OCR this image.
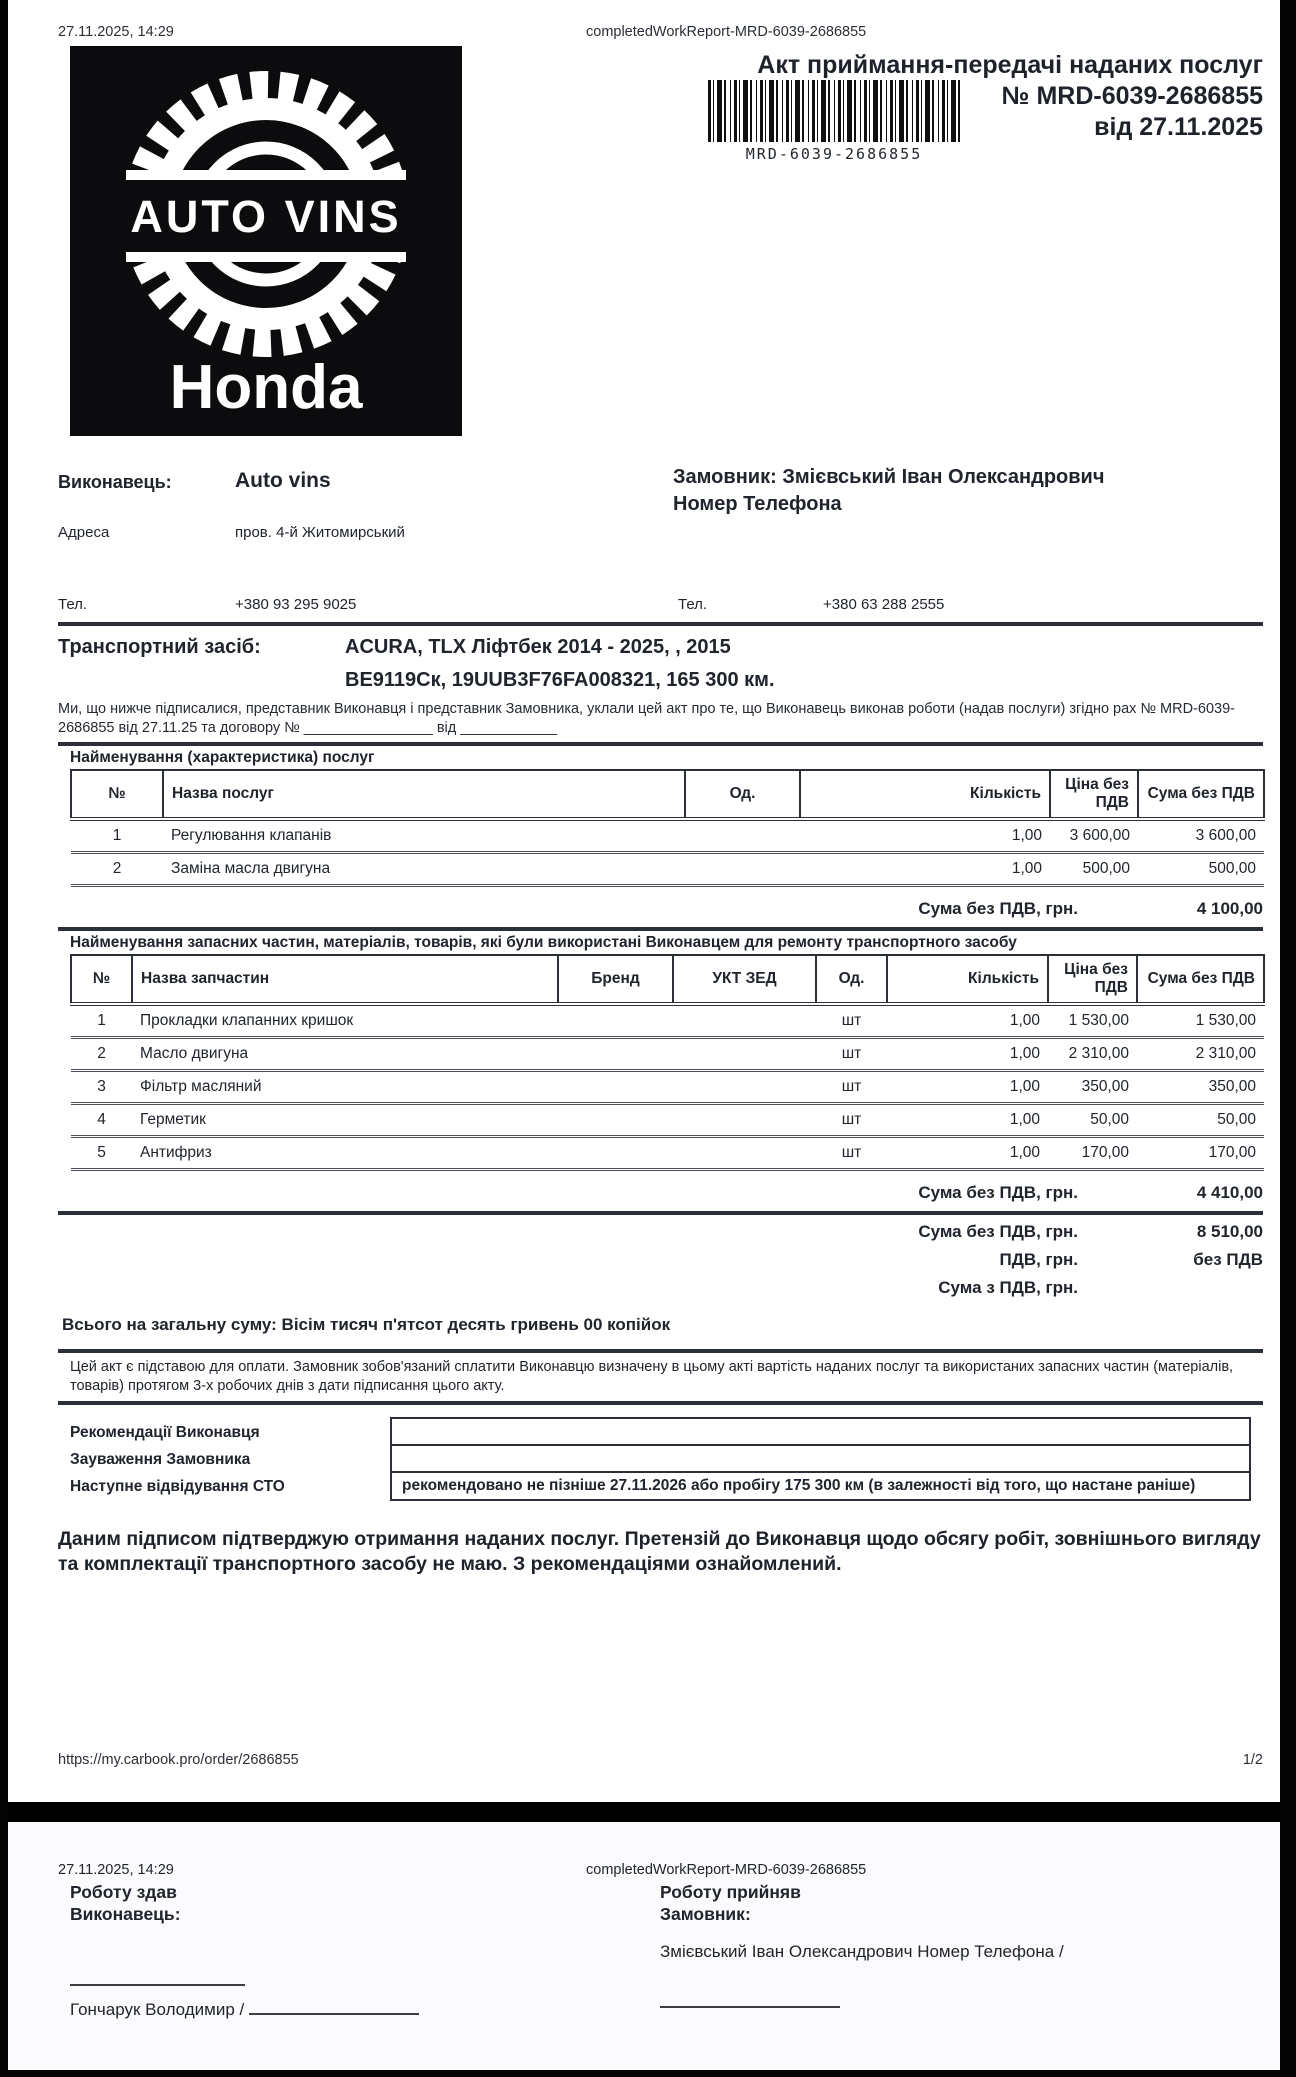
27.11.2025, 14:29	completedWorkReport-MRD-6039-2686855
AUTO VINS
Honda
Акт приймання-передачі наданих послуг
№ MRD-6039-2686855
від 27.11.2025
MRD-6039-2686855
Виконавець:	Auto vins	Замовник: Змієвський Іван Олександрович Номер Телефона
Адреса	пров. 4-й Житомирський
Тел.	+380 93 295 9025	Тел.	+380 63 288 2555
Транспортний засіб:	ACURA, TLX Ліфтбек 2014 - 2025, , 2015
ВЕ9119Ск, 19UUB3F76FA008321, 165 300 км.
Ми, що нижче підписалися, представник Виконавця і представник Замовника, уклали цей акт про те, що Виконавець виконав роботи (надав послуги) згідно рах № MRD-6039-2686855 від 27.11.25 та договору № ________________ від ____________
Найменування (характеристика) послуг
№	Назва послуг	Од.	Кількість	Ціна без ПДВ	Сума без ПДВ
1	Регулювання клапанів		1,00	3 600,00	3 600,00
2	Заміна масла двигуна		1,00	500,00	500,00
Сума без ПДВ, грн.	4 100,00
Найменування запасних частин, матеріалів, товарів, які були використані Виконавцем для ремонту транспортного засобу
№	Назва запчастин	Бренд	УКТ ЗЕД	Од.	Кількість	Ціна без ПДВ	Сума без ПДВ
1	Прокладки клапанних кришок			шт	1,00	1 530,00	1 530,00
2	Масло двигуна			шт	1,00	2 310,00	2 310,00
3	Фільтр масляний			шт	1,00	350,00	350,00
4	Герметик			шт	1,00	50,00	50,00
5	Антифриз			шт	1,00	170,00	170,00
Сума без ПДВ, грн.	4 410,00
Сума без ПДВ, грн.	8 510,00
ПДВ, грн.	без ПДВ
Сума з ПДВ, грн.
Всього на загальну суму: Вісім тисяч п'ятсот десять гривень 00 копійок
Цей акт є підставою для оплати. Замовник зобов'язаний сплатити Виконавцю визначену в цьому акті вартість наданих послуг та використаних запасних частин (матеріалів, товарів) протягом 3-х робочих днів з дати підписання цього акту.
Рекомендації Виконавця
Зауваження Замовника
Наступне відвідування СТО	рекомендовано не пізніше 27.11.2026 або пробігу 175 300 км (в залежності від того, що настане раніше)
Даним підписом підтверджую отримання наданих послуг. Претензій до Виконавця щодо обсягу робіт, зовнішнього вигляду та комплектації транспортного засобу не маю. З рекомендаціями ознайомлений.
https://my.carbook.pro/order/2686855	1/2
27.11.2025, 14:29	completedWorkReport-MRD-6039-2686855
Роботу здав
Виконавець:
Роботу прийняв
Замовник:
Змієвський Іван Олександрович Номер Телефона /
Гончарук Володимир /
